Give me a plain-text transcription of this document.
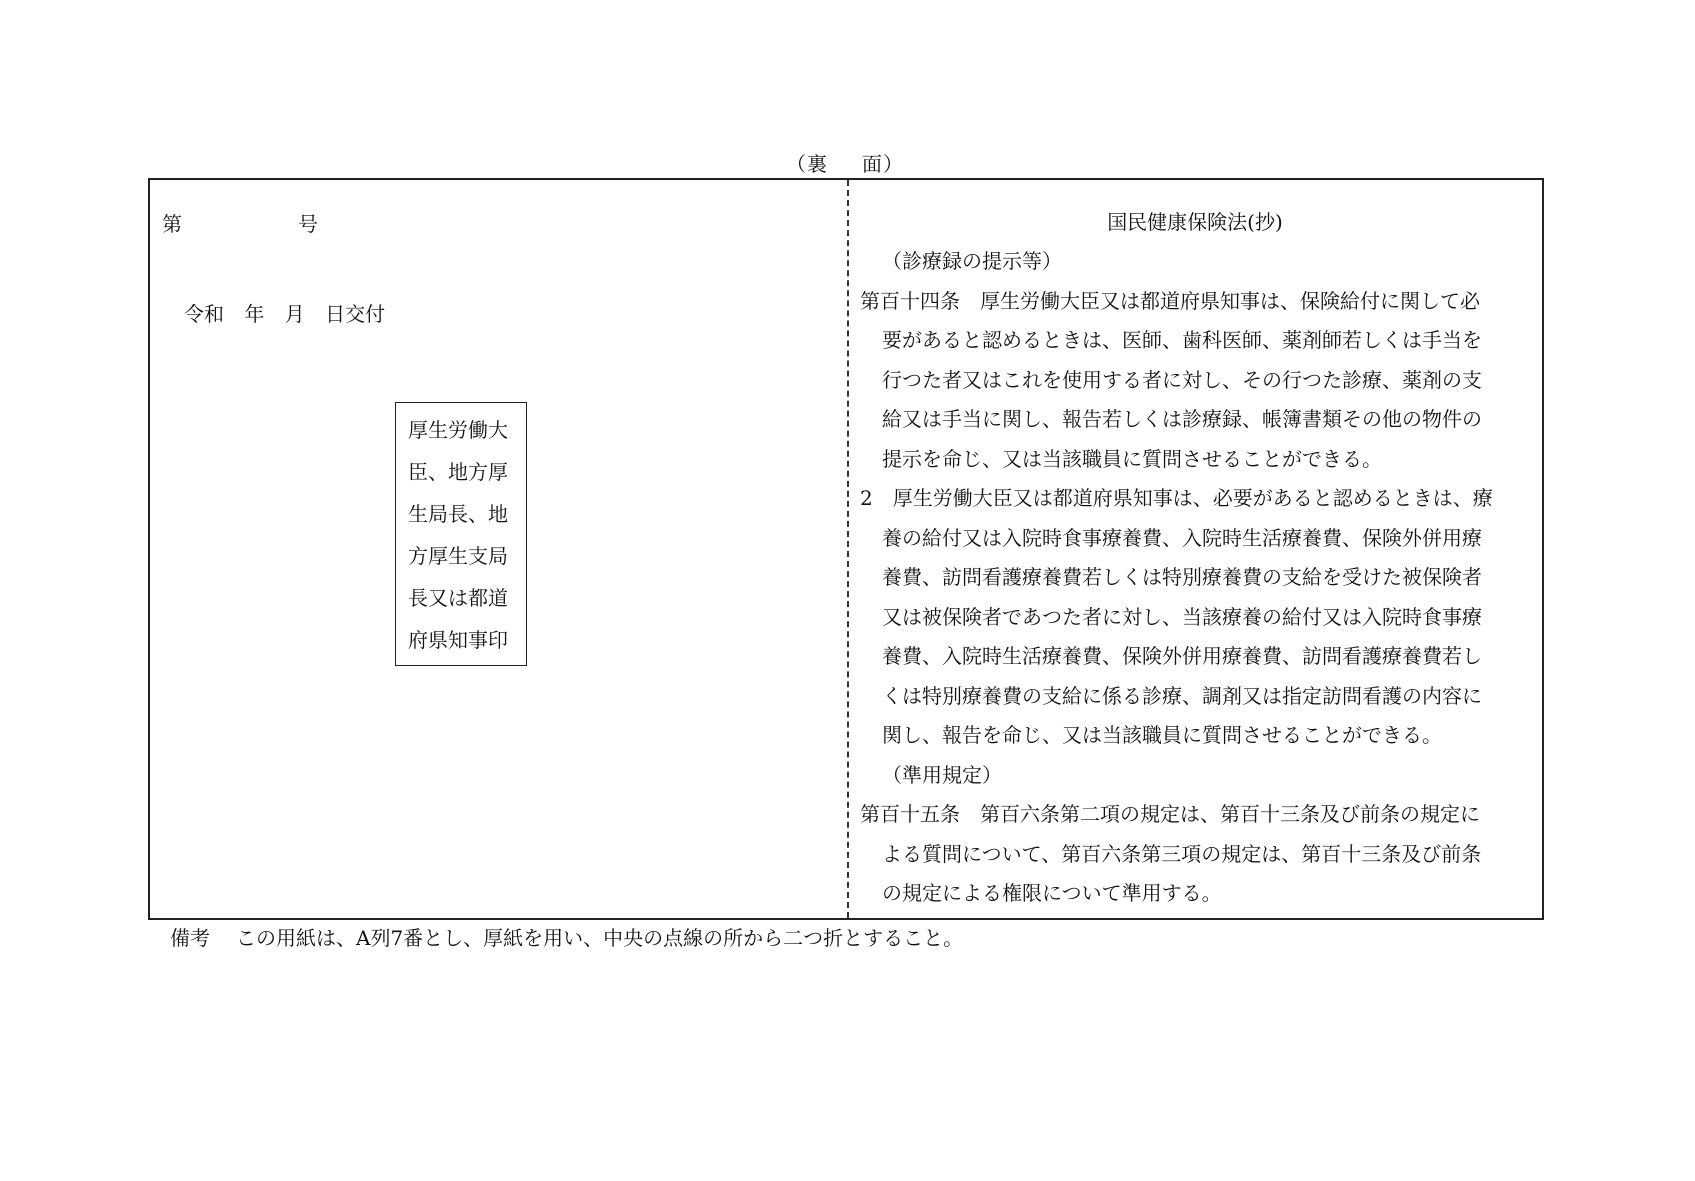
（裏 面）
第	号
令和 年 月 日交付
厚生労働大
臣、地方厚
生局長、地
方厚生支局
長又は都道
府県知事印
国民健康保険法(抄)
（診療録の提示等）
第百十四条　厚生労働大臣又は都道府県知事は、保険給付に関して必
要があると認めるときは、医師、歯科医師、薬剤師若しくは手当を
行つた者又はこれを使用する者に対し、その行つた診療、薬剤の支
給又は手当に関し、報告若しくは診療録、帳簿書類その他の物件の
提示を命じ、又は当該職員に質問させることができる。
2　厚生労働大臣又は都道府県知事は、必要があると認めるときは、療
養の給付又は入院時食事療養費、入院時生活療養費、保険外併用療
養費、訪問看護療養費若しくは特別療養費の支給を受けた被保険者
又は被保険者であつた者に対し、当該療養の給付又は入院時食事療
養費、入院時生活療養費、保険外併用療養費、訪問看護療養費若し
くは特別療養費の支給に係る診療、調剤又は指定訪問看護の内容に
関し、報告を命じ、又は当該職員に質問させることができる。
（準用規定）
第百十五条　第百六条第二項の規定は、第百十三条及び前条の規定に
よる質問について、第百六条第三項の規定は、第百十三条及び前条
の規定による権限について準用する。
備考 この用紙は、A列7番とし、厚紙を用い、中央の点線の所から二つ折とすること。
